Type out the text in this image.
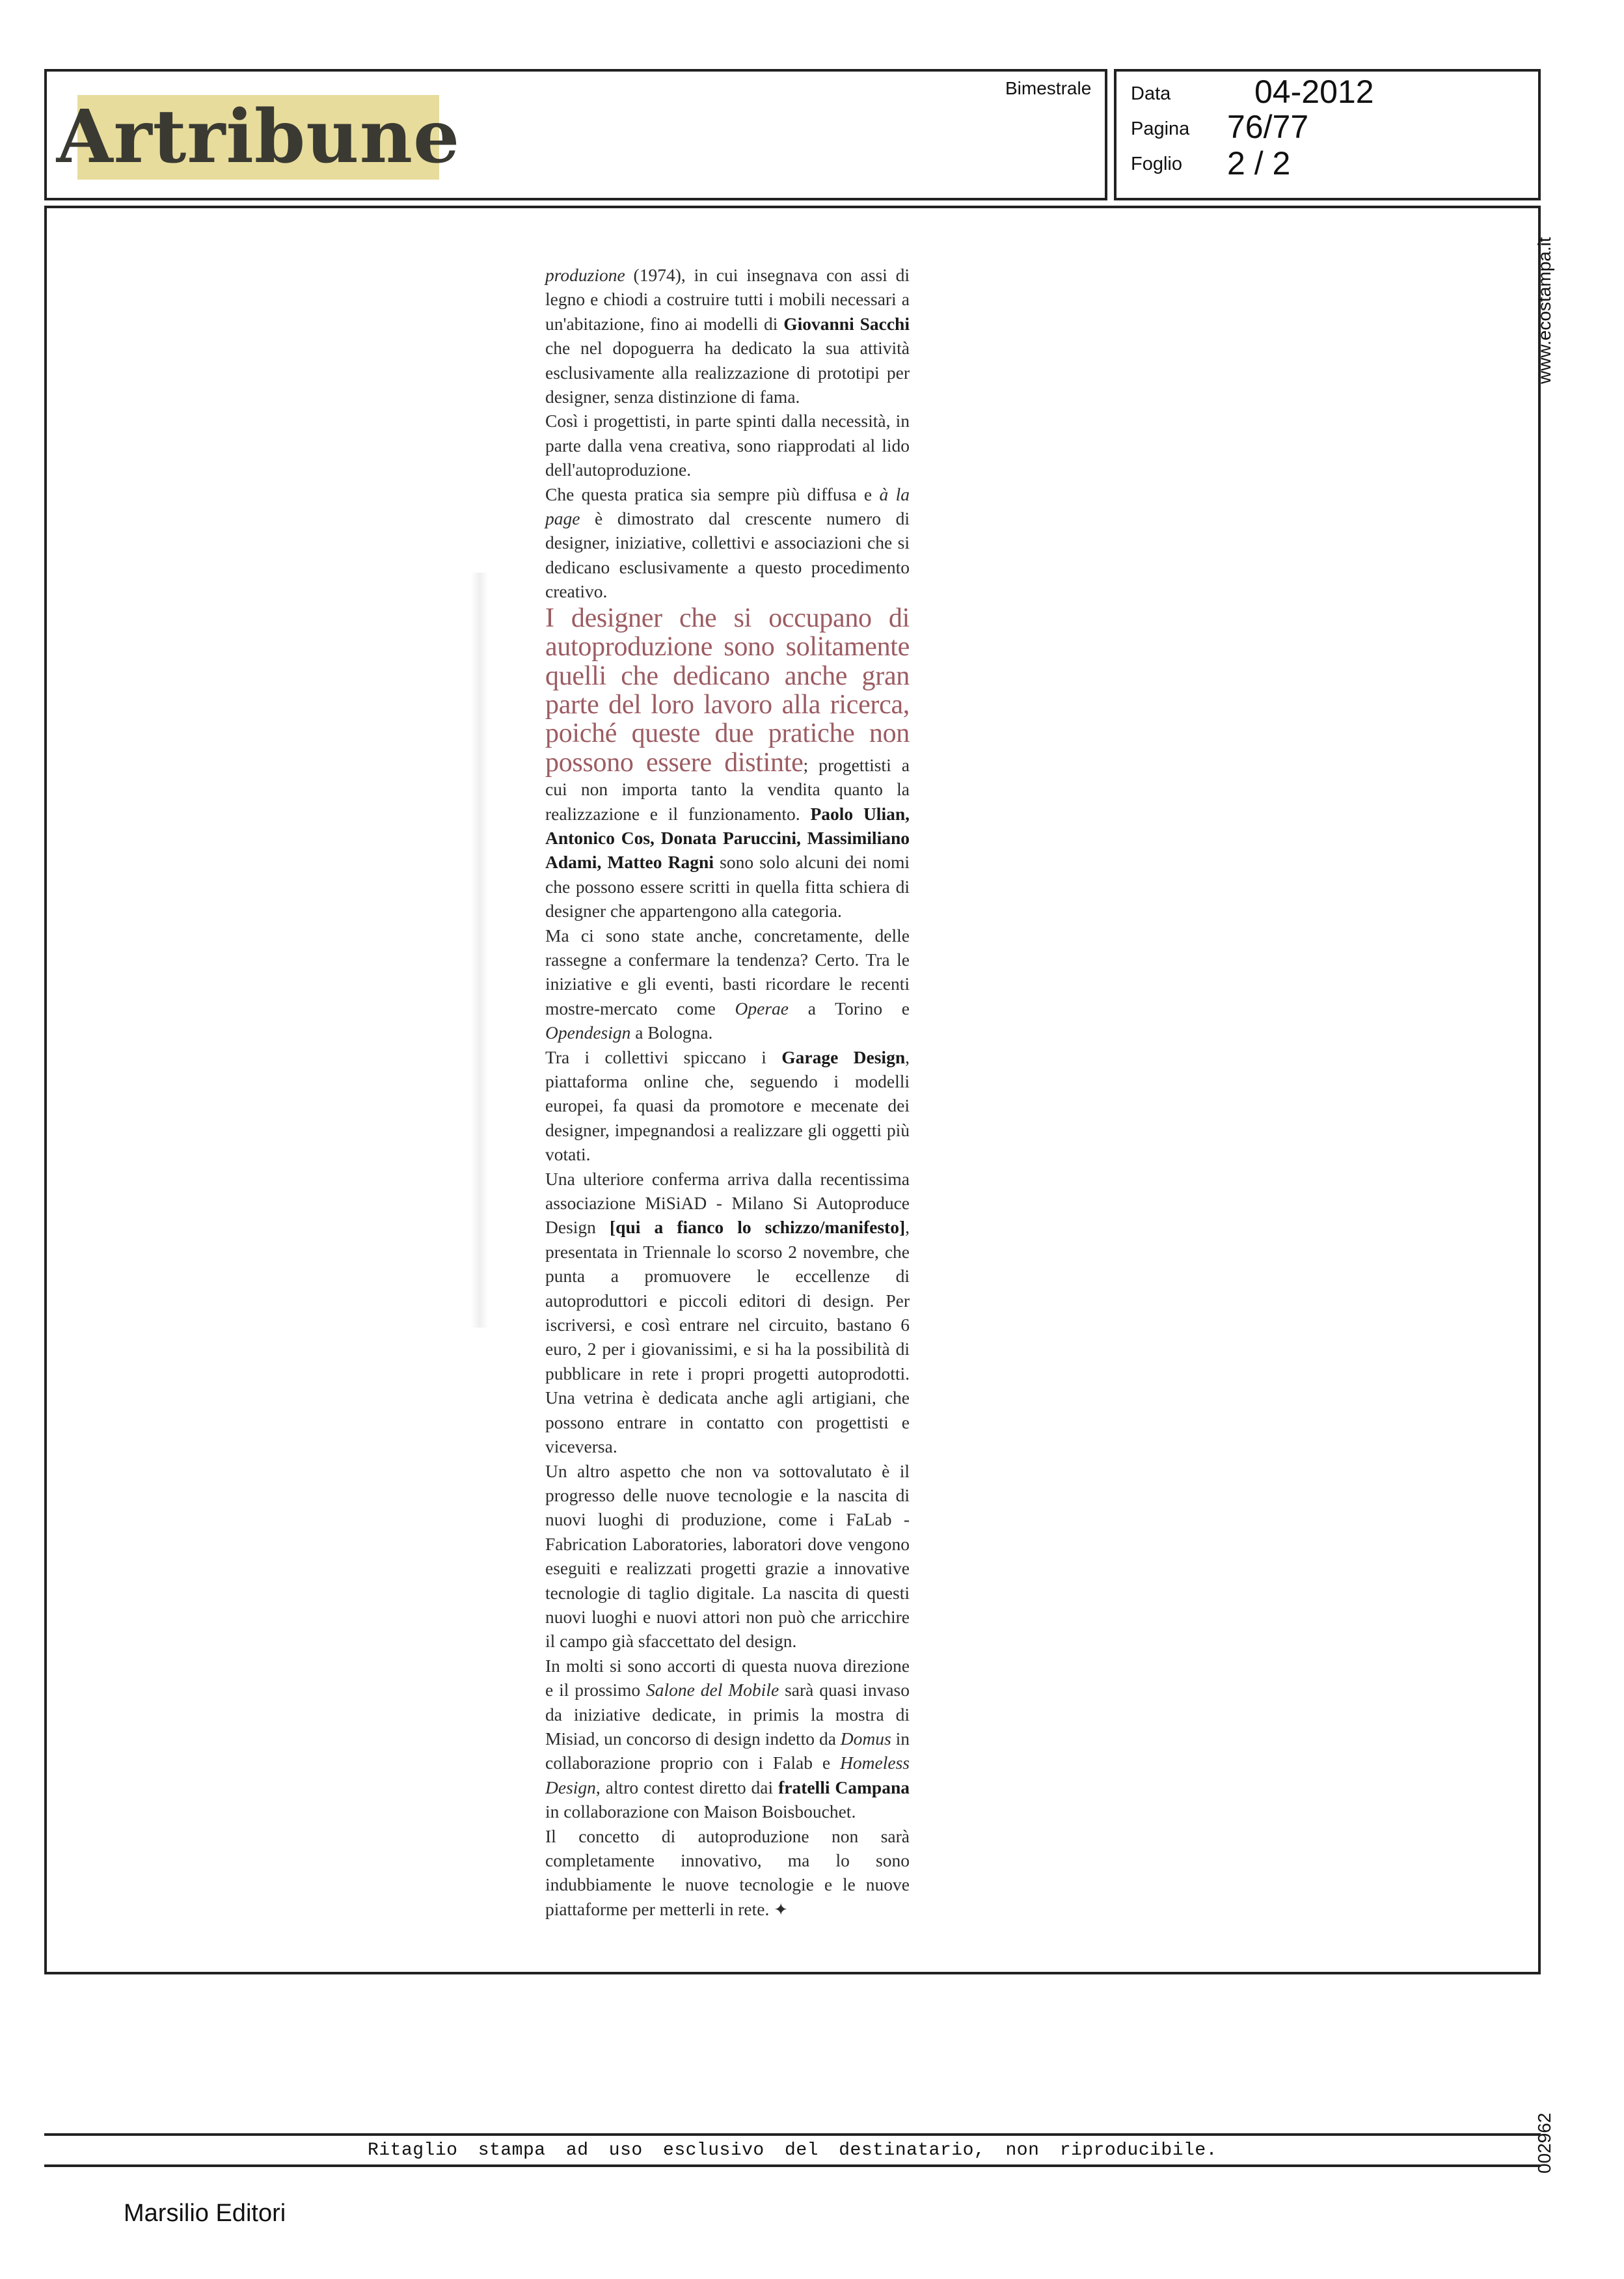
Artribune
Bimestrale Data	04-2012
Pagina 76/77
Foglio 2 / 2
www.ecostampa.it
002962

produzione (1974), in cui insegnava con assi di legno e chiodi a costruire tutti i mobili necessari a un'abitazione, fino ai modelli di Giovanni Sacchi che nel dopoguerra ha dedicato la sua attività esclusivamente alla realizzazione di prototipi per designer, senza distinzione di fama.

Così i progettisti, in parte spinti dalla necessità, in parte dalla vena creativa, sono riapprodati al lido dell'autoproduzione.

Che questa pratica sia sempre più diffusa e à la page è dimostrato dal crescente numero di designer, iniziative, collettivi e associazioni che si dedicano esclusivamente a questo procedimento creativo.

I designer che si occupano di autoproduzione sono solitamente quelli che dedicano anche gran parte del loro lavoro alla ricerca, poiché queste due pratiche non possono essere distinte; progettisti a cui non importa tanto la vendita quanto la realizzazione e il funzionamento. Paolo Ulian, Antonico Cos, Donata Paruccini, Massimiliano Adami, Matteo Ragni sono solo alcuni dei nomi che possono essere scritti in quella fitta schiera di designer che appartengono alla categoria.

Ma ci sono state anche, concretamente, delle rassegne a confermare la tendenza? Certo. Tra le iniziative e gli eventi, basti ricordare le recenti mostre-mercato come Operae a Torino e Opendesign a Bologna.

Tra i collettivi spiccano i Garage Design, piattaforma online che, seguendo i modelli europei, fa quasi da promotore e mecenate dei designer, impegnandosi a realizzare gli oggetti più votati.

Una ulteriore conferma arriva dalla recentissima associazione MiSiAD - Milano Si Autoproduce Design [qui a fianco lo schizzo/manifesto], presentata in Triennale lo scorso 2 novembre, che punta a promuovere le eccellenze di autoproduttori e piccoli editori di design. Per iscriversi, e così entrare nel circuito, bastano 6 euro, 2 per i giovanissimi, e si ha la possibilità di pubblicare in rete i propri progetti autoprodotti. Una vetrina è dedicata anche agli artigiani, che possono entrare in contatto con progettisti e viceversa.

Un altro aspetto che non va sottovalutato è il progresso delle nuove tecnologie e la nascita di nuovi luoghi di produzione, come i FaLab - Fabrication Laboratories, laboratori dove vengono eseguiti e realizzati progetti grazie a innovative tecnologie di taglio digitale. La nascita di questi nuovi luoghi e nuovi attori non può che arricchire il campo già sfaccettato del design.

In molti si sono accorti di questa nuova direzione e il prossimo Salone del Mobile sarà quasi invaso da iniziative dedicate, in primis la mostra di Misiad, un concorso di design indetto da Domus in collaborazione proprio con i Falab e Homeless Design, altro contest diretto dai fratelli Campana in collaborazione con Maison Boisbouchet.

Il concetto di autoproduzione non sarà completamente innovativo, ma lo sono indubbiamente le nuove tecnologie e le nuove piattaforme per metterli in rete. ✦

Ritaglio stampa ad uso esclusivo del destinatario, non riproducibile.
Marsilio Editori
